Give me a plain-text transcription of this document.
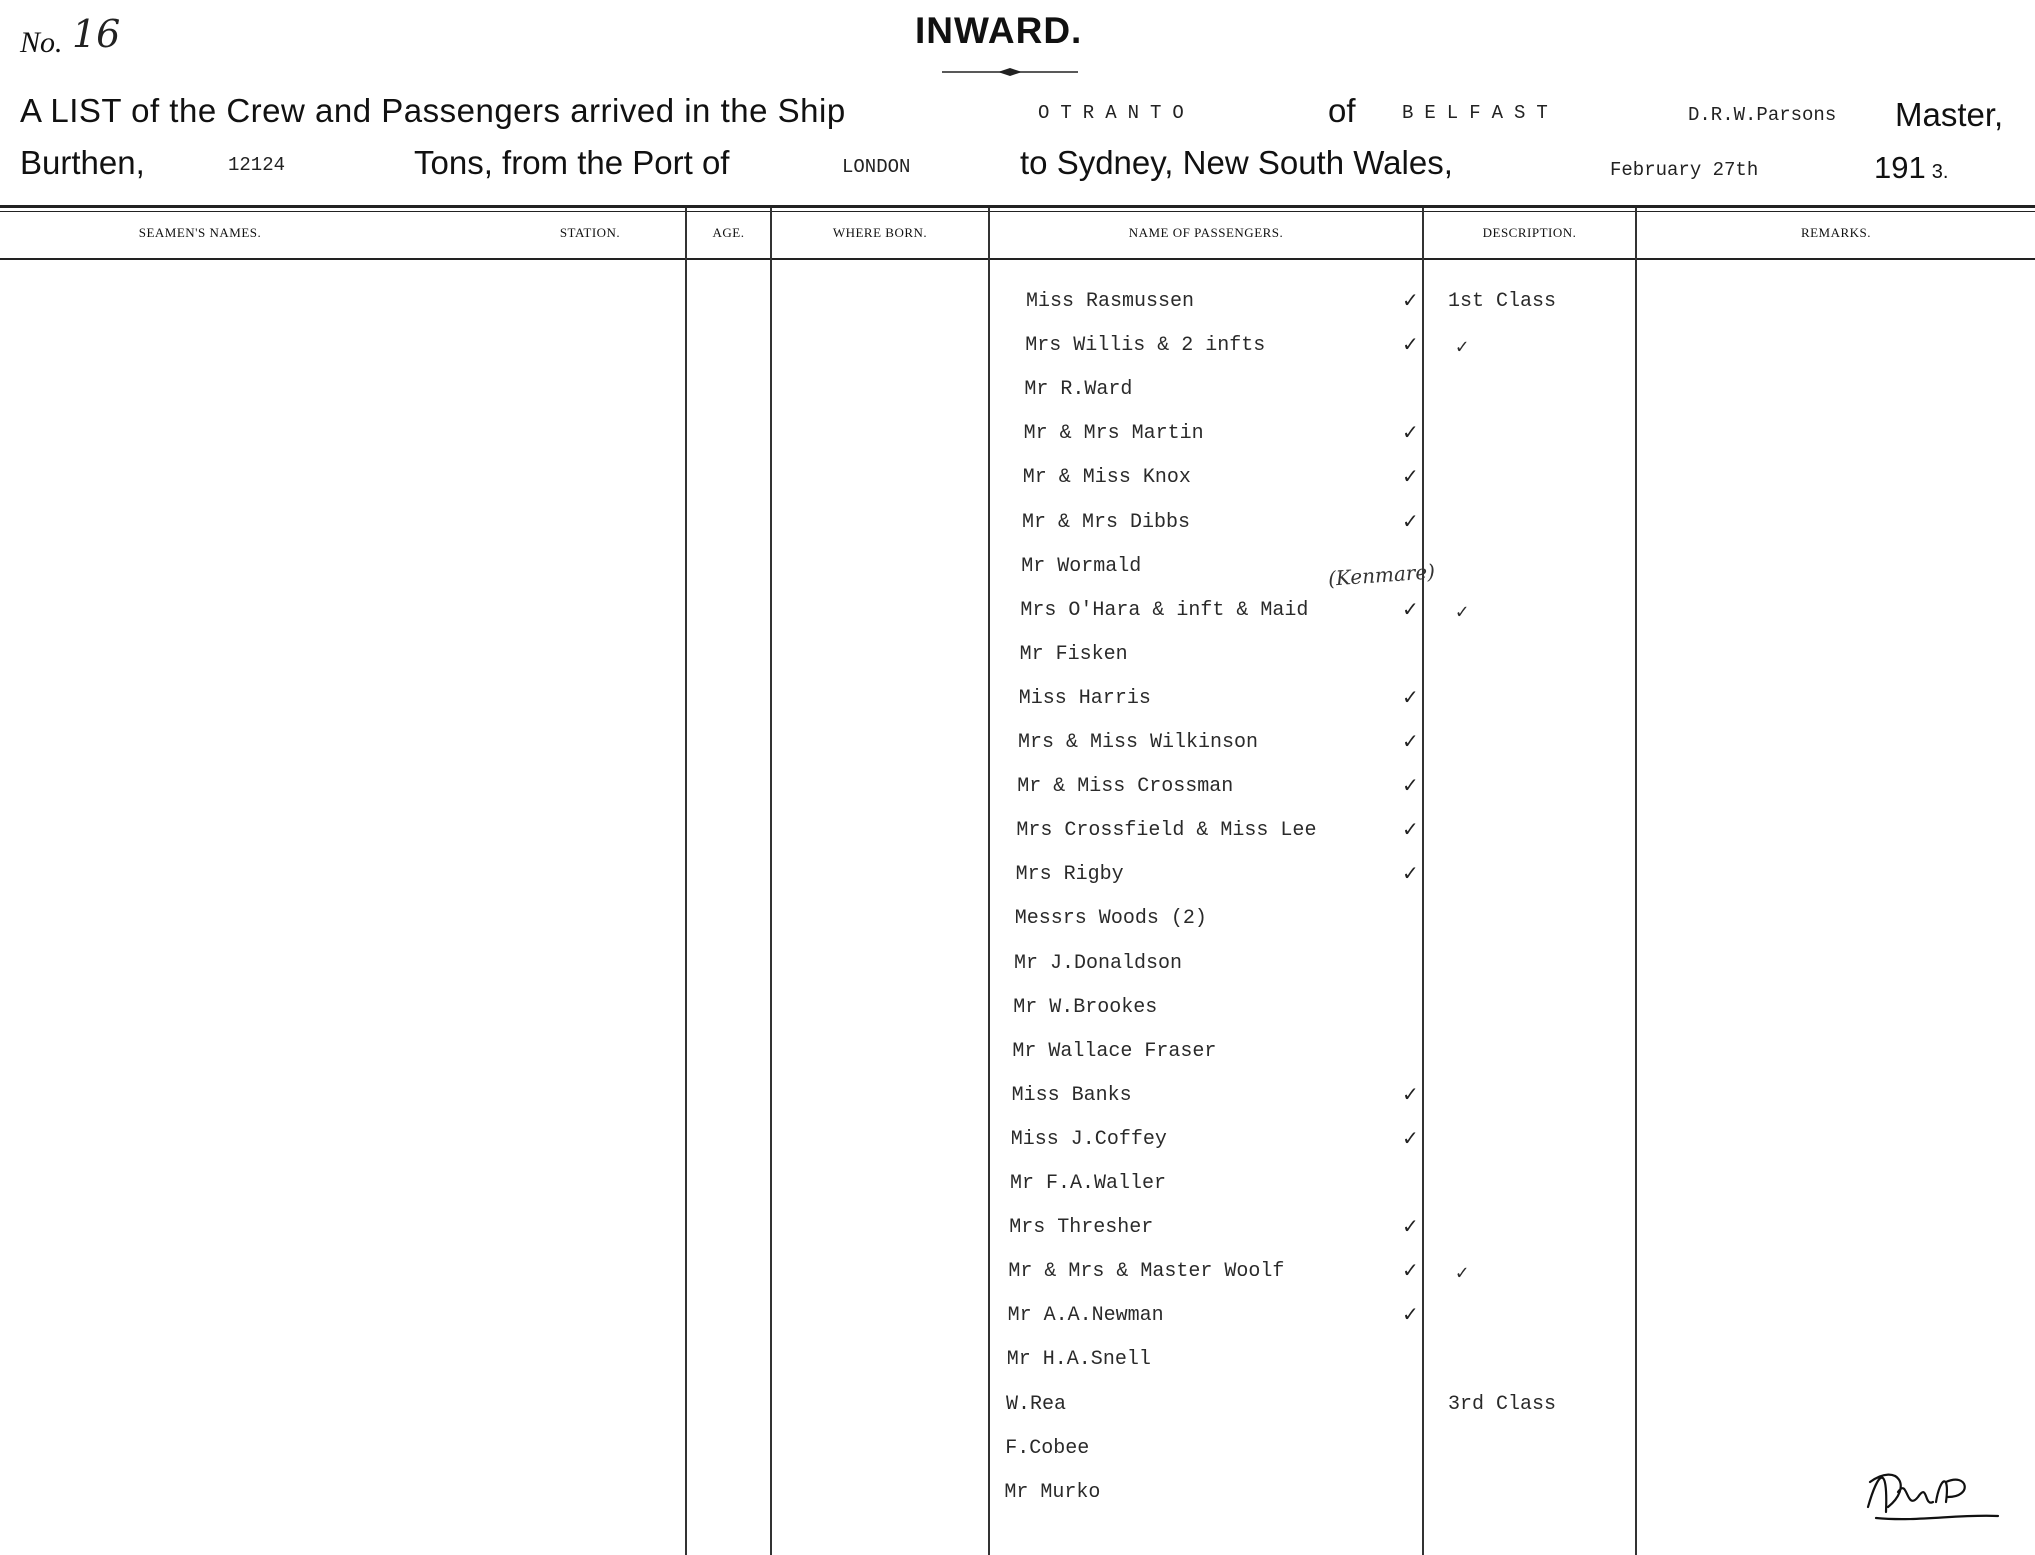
No. 16	INWARD.
A LIST of the Crew and Passengers arrived in the Ship	OTRANTO	of BELFAST	D.R.W.Parsons Master,
Burthen,	12124	Tons, from the Port of	LONDON	to Sydney, New South Wales,	February 27th	191 3.
SEAMEN'S NAMES.	STATION.	AGE.	WHERE BORN.	NAME OF PASSENGERS.	DESCRIPTION.	REMARKS.
Miss Rasmussen	✓ 1st Class
Mrs Willis & 2 infts	✓ ✓
Mr R.Ward
Mr & Mrs Martin	✓
Mr & Miss Knox	✓
Mr & Mrs Dibbs	✓
Mr Wormald
Mrs O'Hara & inft & Maid	✓ ✓
Mr Fisken
Miss Harris	✓
Mrs & Miss Wilkinson	✓
Mr & Miss Crossman	✓
Mrs Crossfield & Miss Lee	✓
Mrs Rigby	✓
Messrs Woods (2)
Mr J.Donaldson
Mr W.Brookes
Mr Wallace Fraser
Miss Banks	✓
Miss J.Coffey	✓
Mr F.A.Waller
Mrs Thresher	✓
Mr & Mrs & Master Woolf	✓ ✓
Mr A.A.Newman	✓
Mr H.A.Snell
W.Rea	3rd Class
F.Cobee
Mr Murko
(Kenmare)
